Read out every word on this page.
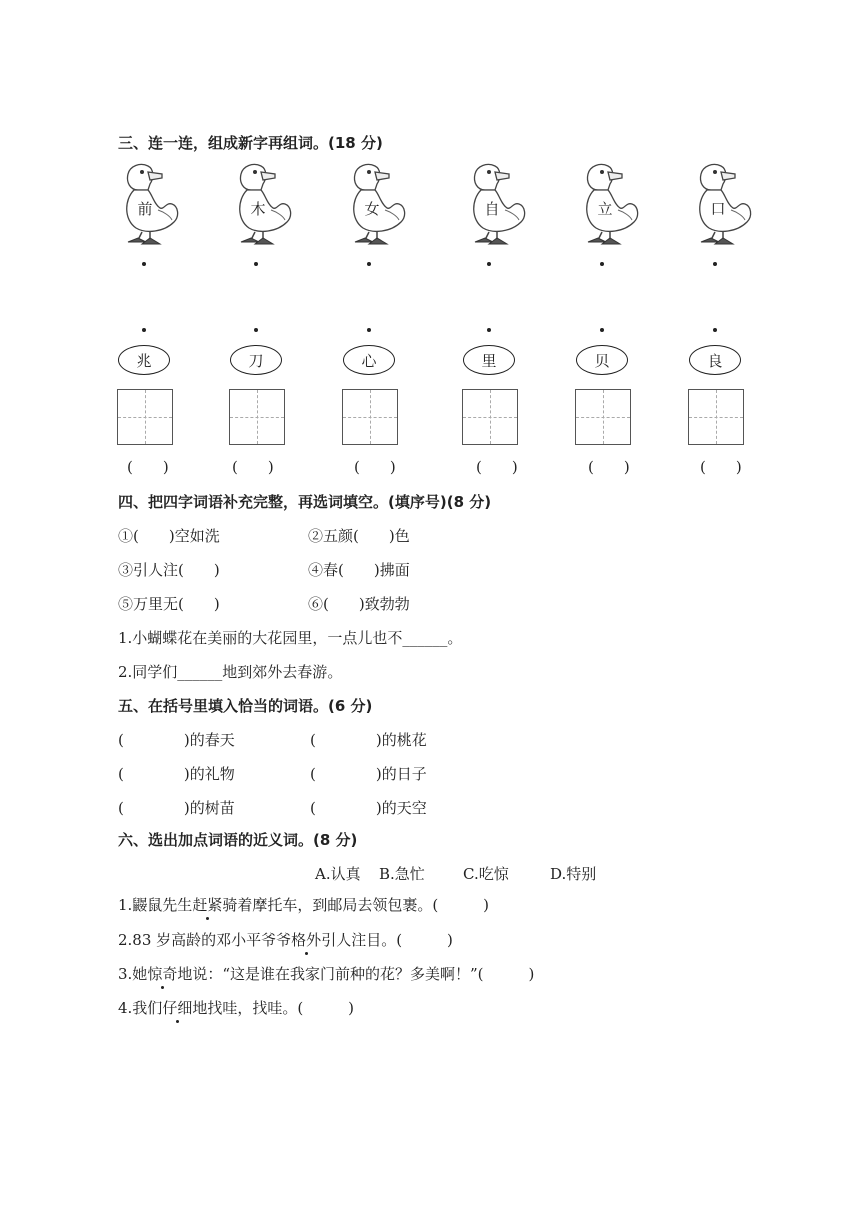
三、连一连，组成新字再组词。(18 分)
前	木	女	自	立	口
兆
(　　)
刀
(　　)
心
(　　)
里
(　　)
贝
(　　)
良
(　　)
四、把四字词语补充完整，再选词填空。(填序号)(8 分)
①(　　)空如洗	②五颜(　　)色
③引人注(　　)	④春(　　)拂面
⑤万里无(　　)	⑥(　　)致勃勃
1.小蝴蝶花在美丽的大花园里，一点儿也不______。
2.同学们______地到郊外去春游。
五、在括号里填入恰当的词语。(6 分)
(　　　　)的春天	(　　　　)的桃花
(　　　　)的礼物	(　　　　)的日子
(　　　　)的树苗	(　　　　)的天空
六、选出加点词语的近义词。(8 分)
A.认真 B.急忙	C.吃惊	D.特别
1.鼹鼠先生赶紧骑着摩托车，到邮局去领包裹。(　　　)
2.83 岁高龄的邓小平爷爷格外引人注目。(　　　)
3.她惊奇地说：“这是谁在我家门前种的花？多美啊！”(　　　)
4.我们仔细地找哇，找哇。(　　　)
